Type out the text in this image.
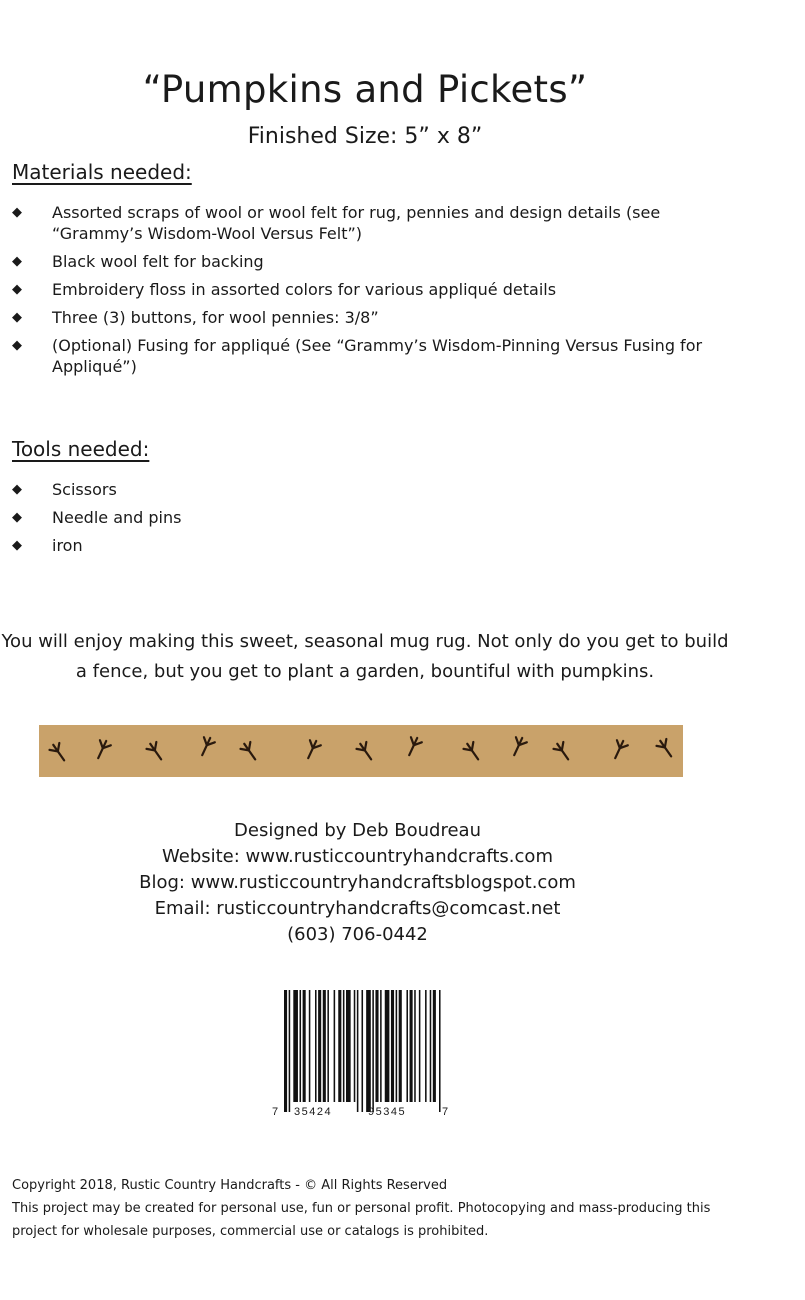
“Pumpkins and Pickets”
Finished Size: 5” x 8”
Materials needed:
◆ Assorted scraps of wool or wool felt for rug, pennies and design details (see “Grammy’s Wisdom-Wool Versus Felt”)
◆ Black wool felt for backing
◆ Embroidery floss in assorted colors for various appliqué details
◆ Three (3) buttons, for wool pennies: 3/8”
◆ (Optional) Fusing for appliqué (See “Grammy’s Wisdom-Pinning Versus Fusing for Appliqué”)
Tools needed:
◆ Scissors
◆ Needle and pins
◆ iron
You will enjoy making this sweet, seasonal mug rug. Not only do you get to build
a fence, but you get to plant a garden, bountiful with pumpkins.
Designed by Deb Boudreau
Website: www.rusticcountryhandcrafts.com
Blog: www.rusticcountryhandcraftsblogspot.com
Email: rusticcountryhandcrafts@comcast.net
(603) 706-0442
7 35424	95345	7
Copyright 2018, Rustic Country Handcrafts - © All Rights Reserved
This project may be created for personal use, fun or personal profit. Photocopying and mass-producing this
project for wholesale purposes, commercial use or catalogs is prohibited.
